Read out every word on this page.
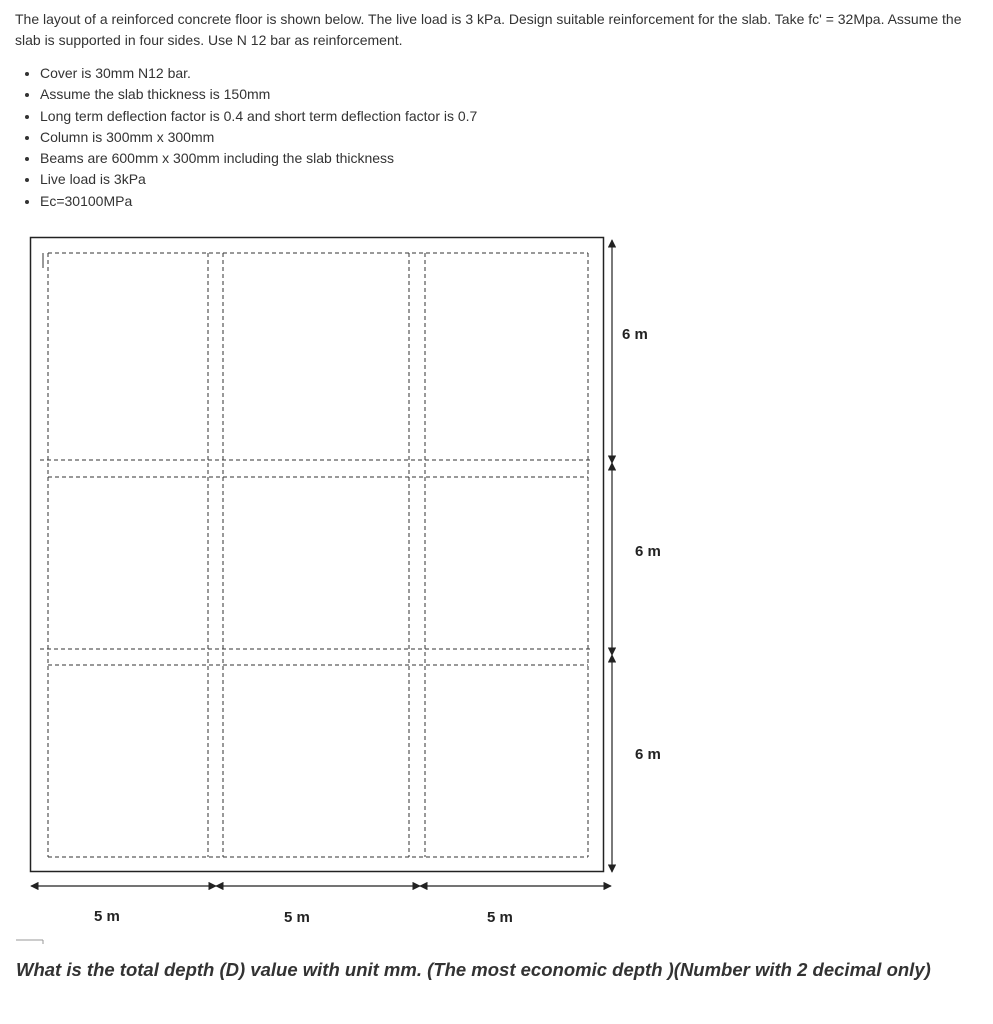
The layout of a reinforced concrete floor is shown below. The live load is 3 kPa. Design suitable reinforcement for the slab. Take fc' = 32Mpa. Assume the slab is supported in four sides. Use N 12 bar as reinforcement.

• Cover is 30mm N12 bar.
• Assume the slab thickness is 150mm
• Long term deflection factor is 0.4 and short term deflection factor is 0.7
• Column is 300mm x 300mm
• Beams are 600mm x 300mm including the slab thickness
• Live load is 3kPa
• Ec=30100MPa
6 m
6 m
6 m
5 m	5 m	5 m

What is the total depth (D) value with unit mm. (The most economic depth )(Number with 2 decimal only)
